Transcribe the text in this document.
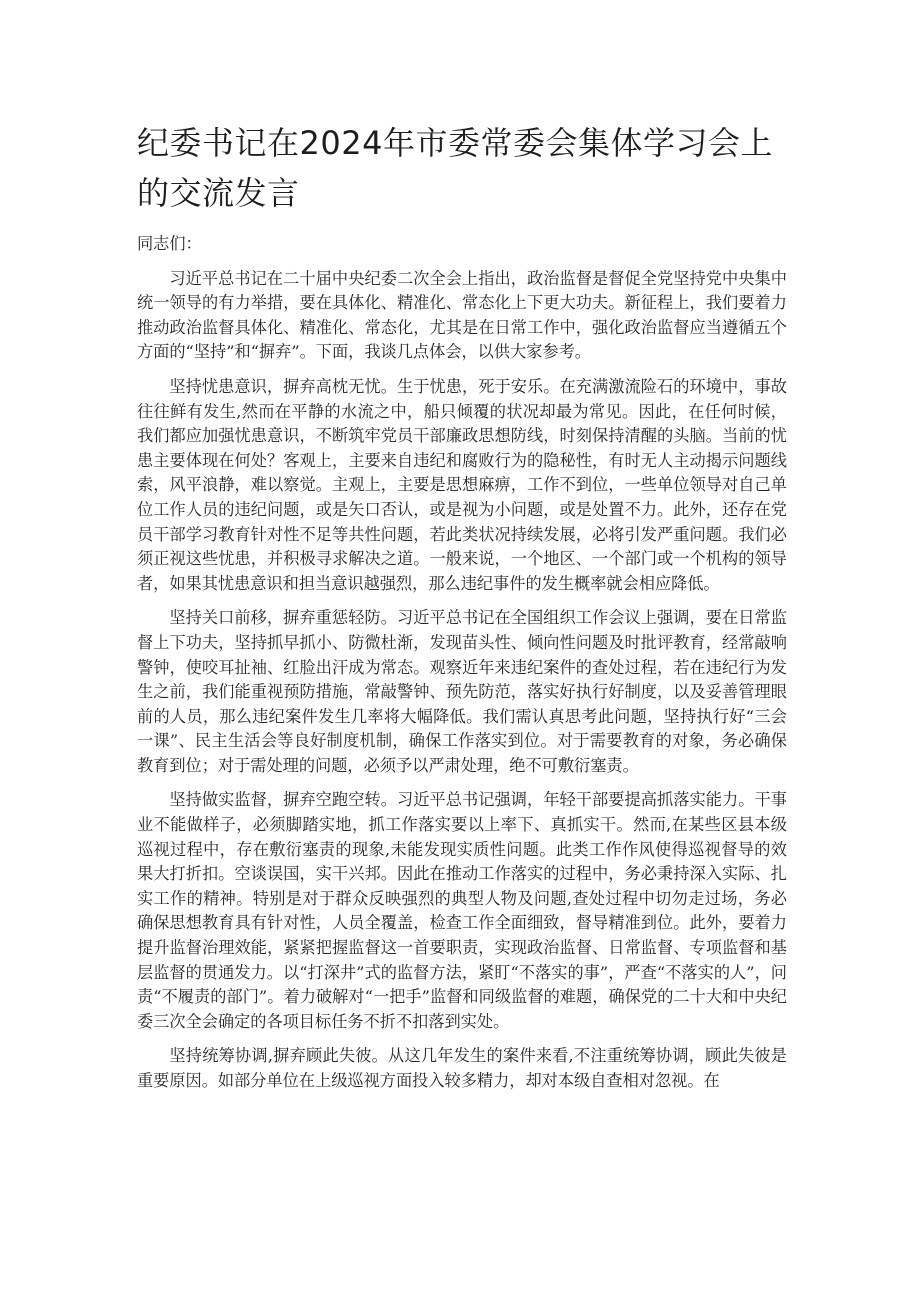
纪委书记在2024年市委常委会集体学习会上的交流发言

同志们：

习近平总书记在二十届中央纪委二次全会上指出，政治监督是督促全党坚持党中央集中统一领导的有力举措，要在具体化、精准化、常态化上下更大功夫。新征程上，我们要着力推动政治监督具体化、精准化、常态化，尤其是在日常工作中，强化政治监督应当遵循五个方面的“坚持”和“摒弃”。下面，我谈几点体会，以供大家参考。

坚持忧患意识，摒弃高枕无忧。生于忧患，死于安乐。在充满激流险石的环境中，事故往往鲜有发生,然而在平静的水流之中，船只倾覆的状况却最为常见。因此，在任何时候，我们都应加强忧患意识，不断筑牢党员干部廉政思想防线，时刻保持清醒的头脑。当前的忧患主要体现在何处？客观上，主要来自违纪和腐败行为的隐秘性，有时无人主动揭示问题线索，风平浪静，难以察觉。主观上，主要是思想麻痹，工作不到位，一些单位领导对自己单位工作人员的违纪问题，或是矢口否认，或是视为小问题，或是处置不力。此外，还存在党员干部学习教育针对性不足等共性问题，若此类状况持续发展，必将引发严重问题。我们必须正视这些忧患，并积极寻求解决之道。一般来说，一个地区、一个部门或一个机构的领导者，如果其忧患意识和担当意识越强烈，那么违纪事件的发生概率就会相应降低。

坚持关口前移，摒弃重惩轻防。习近平总书记在全国组织工作会议上强调，要在日常监督上下功夫，坚持抓早抓小、防微杜渐，发现苗头性、倾向性问题及时批评教育，经常敲响警钟，使咬耳扯袖、红脸出汗成为常态。观察近年来违纪案件的查处过程，若在违纪行为发生之前，我们能重视预防措施，常敲警钟、预先防范，落实好执行好制度，以及妥善管理眼前的人员，那么违纪案件发生几率将大幅降低。我们需认真思考此问题，坚持执行好“三会一课”、民主生活会等良好制度机制，确保工作落实到位。对于需要教育的对象，务必确保教育到位；对于需处理的问题，必须予以严肃处理，绝不可敷衍塞责。

坚持做实监督，摒弃空跑空转。习近平总书记强调，年轻干部要提高抓落实能力。干事业不能做样子，必须脚踏实地，抓工作落实要以上率下、真抓实干。然而,在某些区县本级巡视过程中，存在敷衍塞责的现象,未能发现实质性问题。此类工作作风使得巡视督导的效果大打折扣。空谈误国，实干兴邦。因此在推动工作落实的过程中，务必秉持深入实际、扎实工作的精神。特别是对于群众反映强烈的典型人物及问题,查处过程中切勿走过场，务必确保思想教育具有针对性，人员全覆盖，检查工作全面细致，督导精准到位。此外，要着力提升监督治理效能，紧紧把握监督这一首要职责，实现政治监督、日常监督、专项监督和基层监督的贯通发力。以“打深井”式的监督方法，紧盯“不落实的事”，严查“不落实的人”，问责“不履责的部门”。着力破解对“一把手”监督和同级监督的难题，确保党的二十大和中央纪委三次全会确定的各项目标任务不折不扣落到实处。

坚持统筹协调,摒弃顾此失彼。从这几年发生的案件来看,不注重统筹协调，顾此失彼是重要原因。如部分单位在上级巡视方面投入较多精力，却对本级自查相对忽视。在
